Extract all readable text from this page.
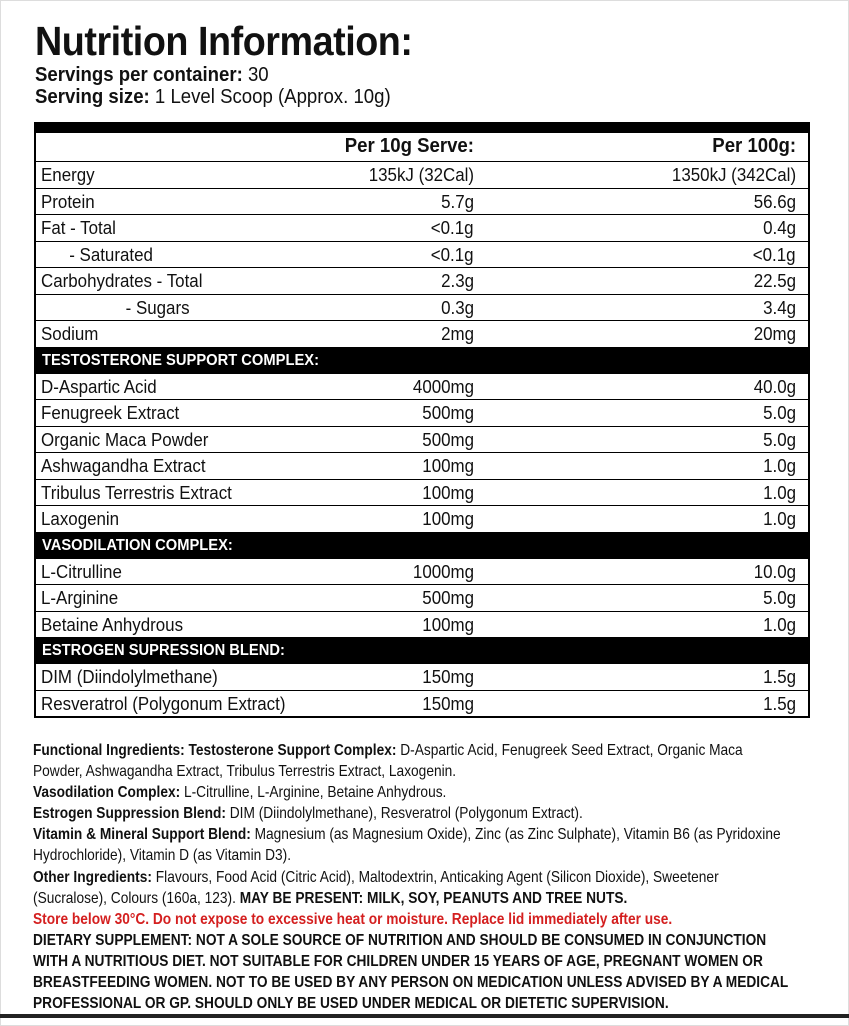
Nutrition Information:
Servings per container: 30
Serving size: 1 Level Scoop (Approx. 10g)
Per 10g Serve:	Per 100g:
Energy	135kJ (32Cal)	1350kJ (342Cal)
Protein	5.7g	56.6g
Fat - Total	<0.1g	0.4g
- Saturated	<0.1g	<0.1g
Carbohydrates - Total	2.3g	22.5g
- Sugars	0.3g	3.4g
Sodium	2mg	20mg
TESTOSTERONE SUPPORT COMPLEX:
D-Aspartic Acid	4000mg	40.0g
Fenugreek Extract	500mg	5.0g
Organic Maca Powder	500mg	5.0g
Ashwagandha Extract	100mg	1.0g
Tribulus Terrestris Extract	100mg	1.0g
Laxogenin	100mg	1.0g
VASODILATION COMPLEX:
L-Citrulline	1000mg	10.0g
L-Arginine	500mg	5.0g
Betaine Anhydrous	100mg	1.0g
ESTROGEN SUPRESSION BLEND:
DIM (Diindolylmethane)	150mg	1.5g
Resveratrol (Polygonum Extract)	150mg	1.5g
Functional Ingredients: Testosterone Support Complex: D-Aspartic Acid, Fenugreek Seed Extract, Organic Maca Powder, Ashwagandha Extract, Tribulus Terrestris Extract, Laxogenin.
Vasodilation Complex: L-Citrulline, L-Arginine, Betaine Anhydrous.
Estrogen Suppression Blend: DIM (Diindolylmethane), Resveratrol (Polygonum Extract).
Vitamin & Mineral Support Blend: Magnesium (as Magnesium Oxide), Zinc (as Zinc Sulphate), Vitamin B6 (as Pyridoxine Hydrochloride), Vitamin D (as Vitamin D3).
Other Ingredients: Flavours, Food Acid (Citric Acid), Maltodextrin, Anticaking Agent (Silicon Dioxide), Sweetener (Sucralose), Colours (160a, 123). MAY BE PRESENT: MILK, SOY, PEANUTS AND TREE NUTS.
Store below 30°C. Do not expose to excessive heat or moisture. Replace lid immediately after use.
DIETARY SUPPLEMENT: NOT A SOLE SOURCE OF NUTRITION AND SHOULD BE CONSUMED IN CONJUNCTION WITH A NUTRITIOUS DIET. NOT SUITABLE FOR CHILDREN UNDER 15 YEARS OF AGE, PREGNANT WOMEN OR BREASTFEEDING WOMEN. NOT TO BE USED BY ANY PERSON ON MEDICATION UNLESS ADVISED BY A MEDICAL PROFESSIONAL OR GP. SHOULD ONLY BE USED UNDER MEDICAL OR DIETETIC SUPERVISION.
